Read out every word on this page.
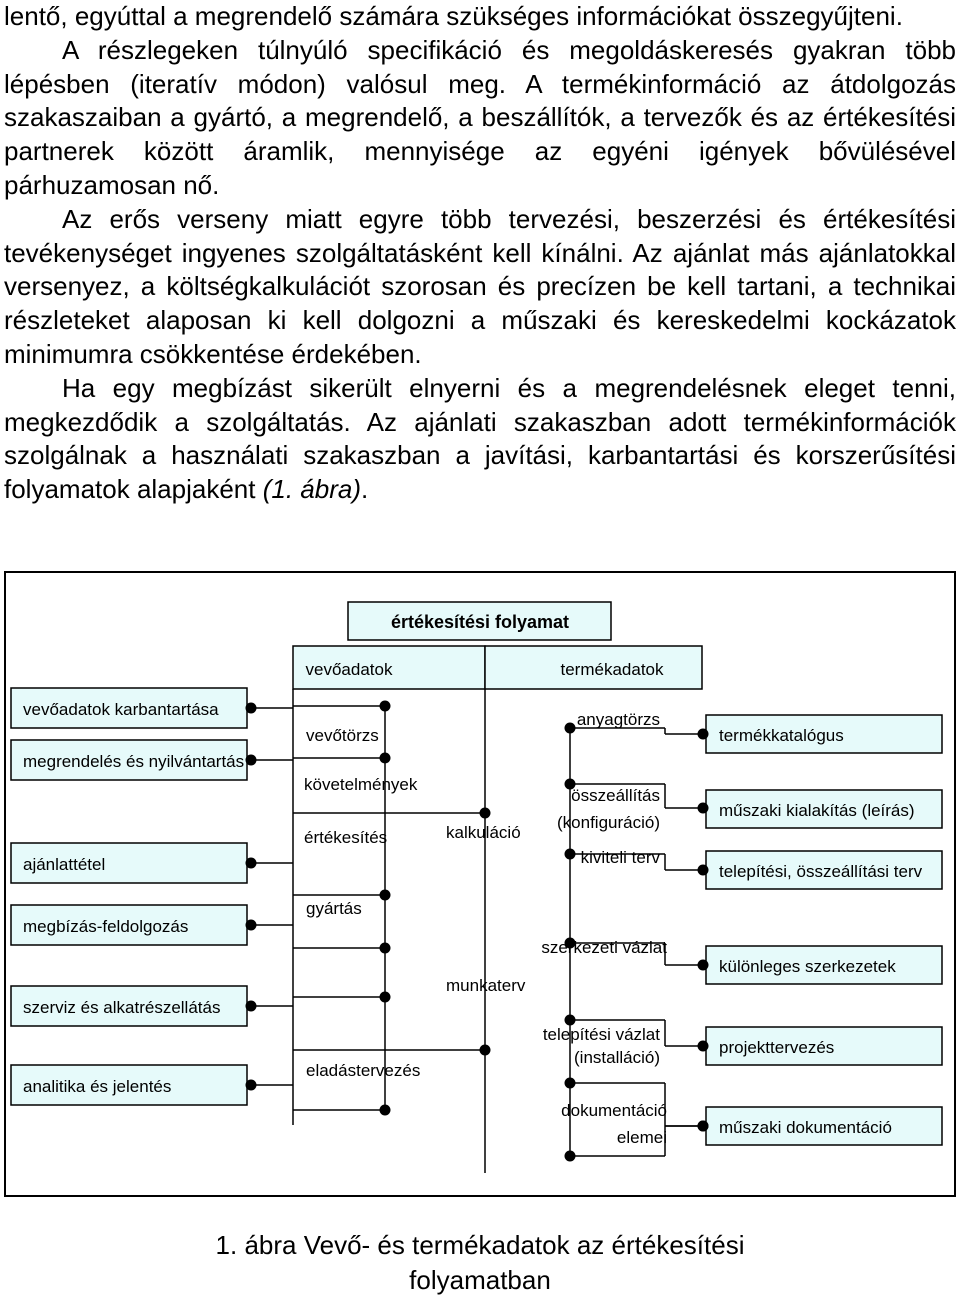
lentő, egyúttal a megrendelő számára szükséges információkat összegyűjteni.

A részlegeken túlnyúló specifikáció és megoldáskeresés gyakran több lépésben (iteratív módon) valósul meg. A termékinformáció az átdolgozás szakaszaiban a gyártó, a megrendelő, a beszállítók, a tervezők és az értékesítési partnerek között áramlik, mennyisége az egyéni igények bővülésével párhuzamosan nő.

Az erős verseny miatt egyre több tervezési, beszerzési és értékesítési tevékenységet ingyenes szolgáltatásként kell kínálni. Az ajánlat más ajánlatokkal versenyez, a költségkalkulációt szorosan és precízen be kell tartani, a technikai részleteket alaposan ki kell dolgozni a műszaki és kereskedelmi kockázatok minimumra csökkentése érdekében.

Ha egy megbízást sikerült elnyerni és a megrendelésnek eleget tenni, megkezdődik a szolgáltatás. Az ajánlati szakaszban adott termékinformációk szolgálnak a használati szakaszban a javítási, karbantartási és korszerűsítési folyamatok alapjaként (1. ábra).

értékesítési folyamat
vevőadatok	termékadatok
vevőadatok karbantartása
megrendelés és nyilvántartás
ajánlattétel
megbízás-feldolgozás
szerviz és alkatrészellátás
analitika és jelentés
termékkatalógus
műszaki kialakítás (leírás)
telepítési, összeállítási terv
különleges szerkezetek
projekttervezés
műszaki dokumentáció
vevőtörzs
követelmények
értékesítés
gyártás
eladástervezés
kalkuláció
munkaterv
anyagtörzs
összeállítás
(konfiguráció)
kiviteli terv
szerkezeti vázlat
telepítési vázlat
(installáció)
dokumentáció
elemei
1. ábra Vevő- és termékadatok az értékesítési
folyamatban
